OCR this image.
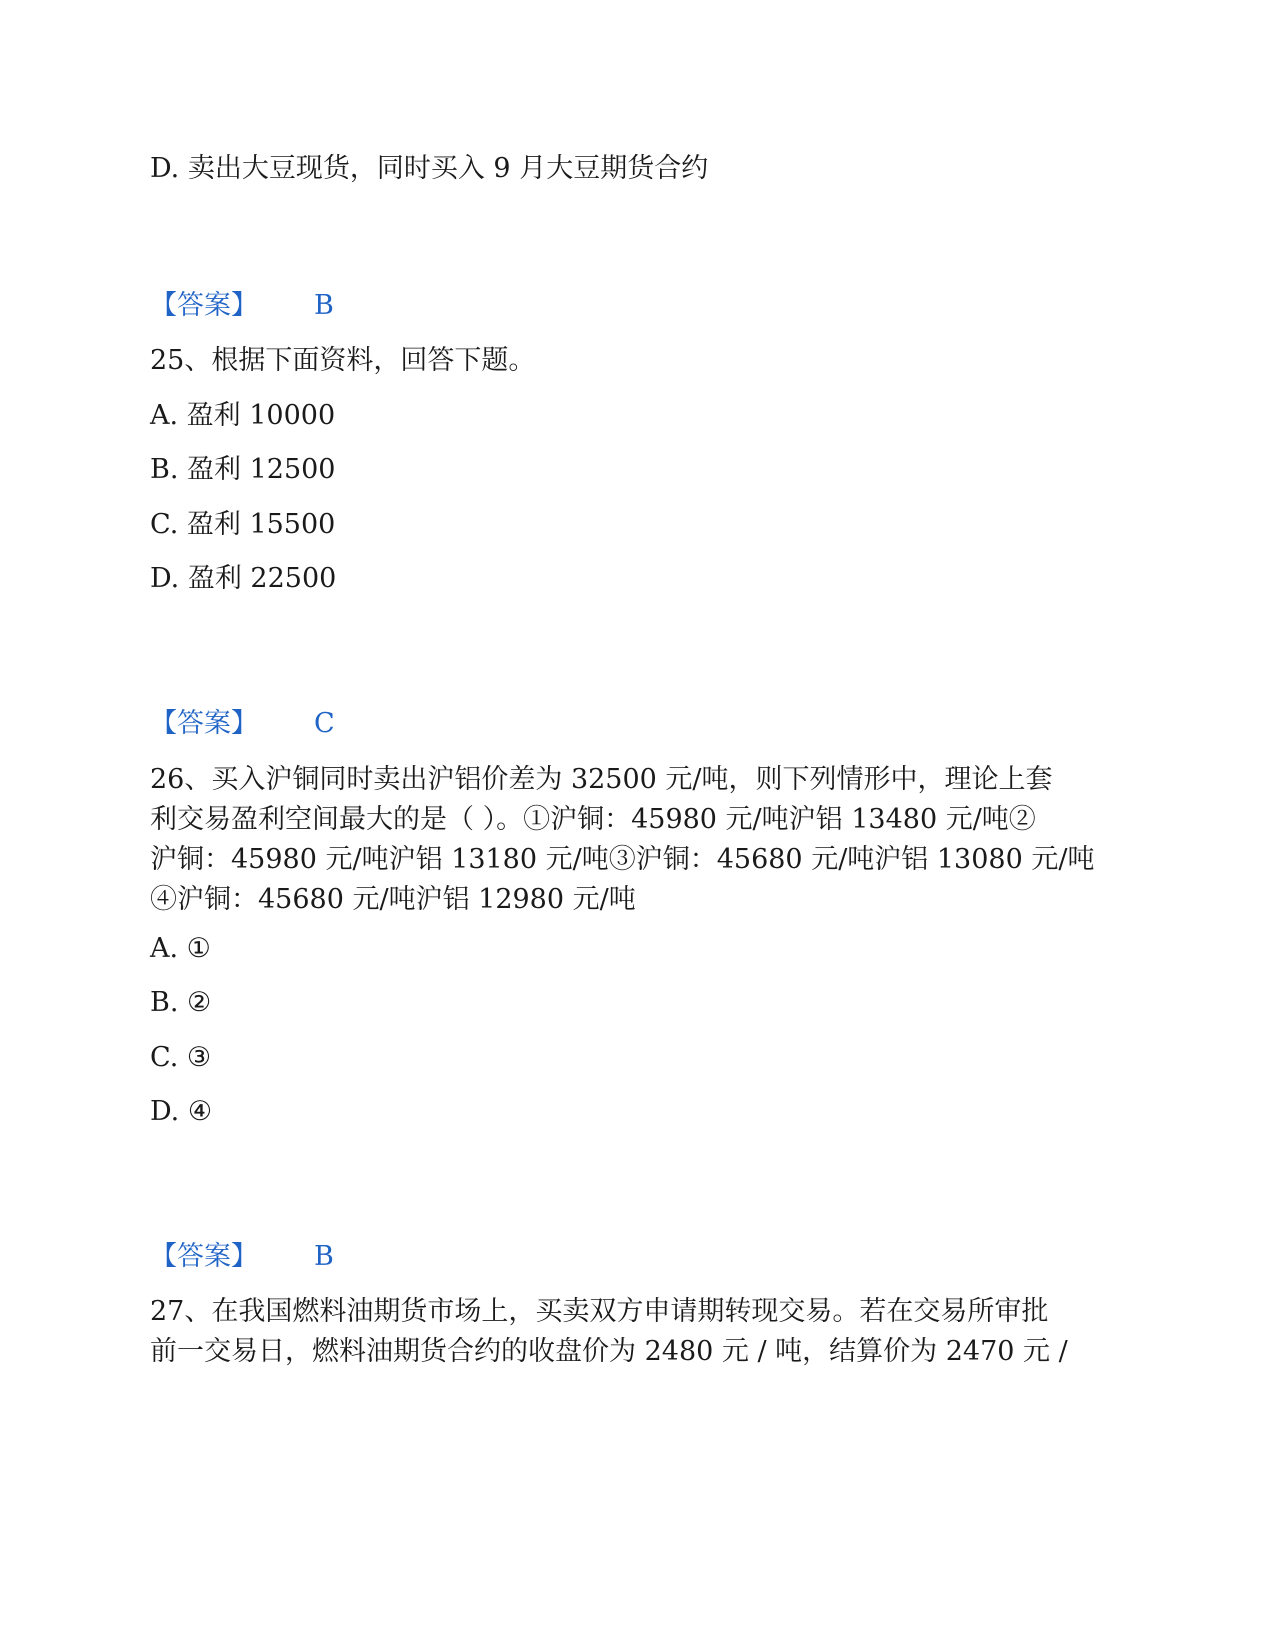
D. 卖出大豆现货，同时买入 9 月大豆期货合约
【答案】 B
25、根据下面资料，回答下题。
A. 盈利 10000
B. 盈利 12500
C. 盈利 15500
D. 盈利 22500
【答案】 C
26、买入沪铜同时卖出沪铝价差为 32500 元/吨，则下列情形中，理论上套
利交易盈利空间最大的是（ ）。①沪铜：45980 元/吨沪铝 13480 元/吨②
沪铜：45980 元/吨沪铝 13180 元/吨③沪铜：45680 元/吨沪铝 13080 元/吨
④沪铜：45680 元/吨沪铝 12980 元/吨
A. ①
B. ②
C. ③
D. ④
【答案】 B
27、在我国燃料油期货市场上，买卖双方申请期转现交易。若在交易所审批
前一交易日，燃料油期货合约的收盘价为 2480 元 / 吨，结算价为 2470 元 /
